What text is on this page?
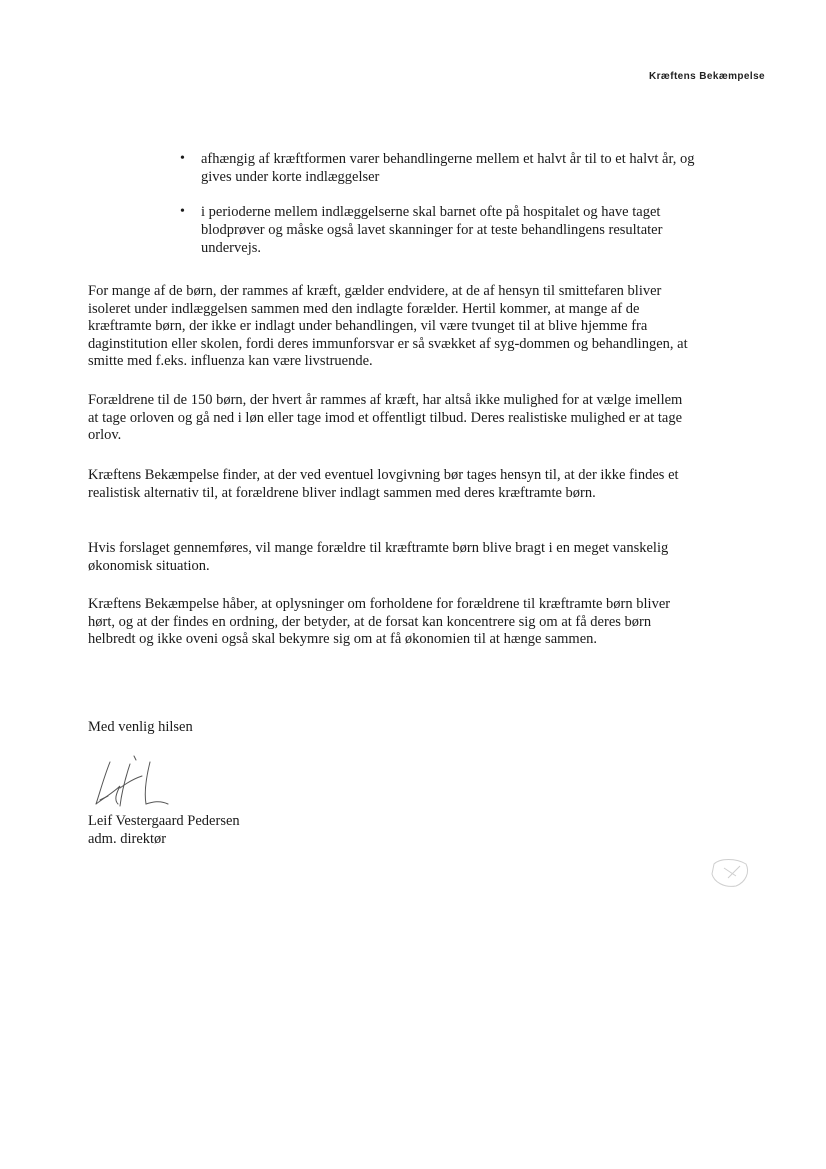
Kræftens Bekæmpelse
• afhængig af kræftformen varer behandlingerne mellem et halvt år til to et halvt år, og gives under korte indlæggelser
• i perioderne mellem indlæggelserne skal barnet ofte på hospitalet og have taget blodprøver og måske også lavet skanninger for at teste behandlingens resultater undervejs.

For mange af de børn, der rammes af kræft, gælder endvidere, at de af hensyn til smittefaren bliver isoleret under indlæggelsen sammen med den indlagte forælder. Hertil kommer, at mange af de kræftramte børn, der ikke er indlagt under behandlingen, vil være tvunget til at blive hjemme fra daginstitution eller skolen, fordi deres immunforsvar er så svækket af syg-dommen og behandlingen, at smitte med f.eks. influenza kan være livstruende.

Forældrene til de 150 børn, der hvert år rammes af kræft, har altså ikke mulighed for at vælge imellem at tage orloven og gå ned i løn eller tage imod et offentligt tilbud. Deres realistiske mulighed er at tage orlov.

Kræftens Bekæmpelse finder, at der ved eventuel lovgivning bør tages hensyn til, at der ikke findes et realistisk alternativ til, at forældrene bliver indlagt sammen med deres kræftramte børn.

Hvis forslaget gennemføres, vil mange forældre til kræftramte børn blive bragt i en meget vanskelig økonomisk situation.

Kræftens Bekæmpelse håber, at oplysninger om forholdene for forældrene til kræftramte børn bliver hørt, og at der findes en ordning, der betyder, at de forsat kan koncentrere sig om at få deres børn helbredt og ikke oveni også skal bekymre sig om at få økonomien til at hænge sammen.

Med venlig hilsen
Leif Vestergaard Pedersen
adm. direktør
